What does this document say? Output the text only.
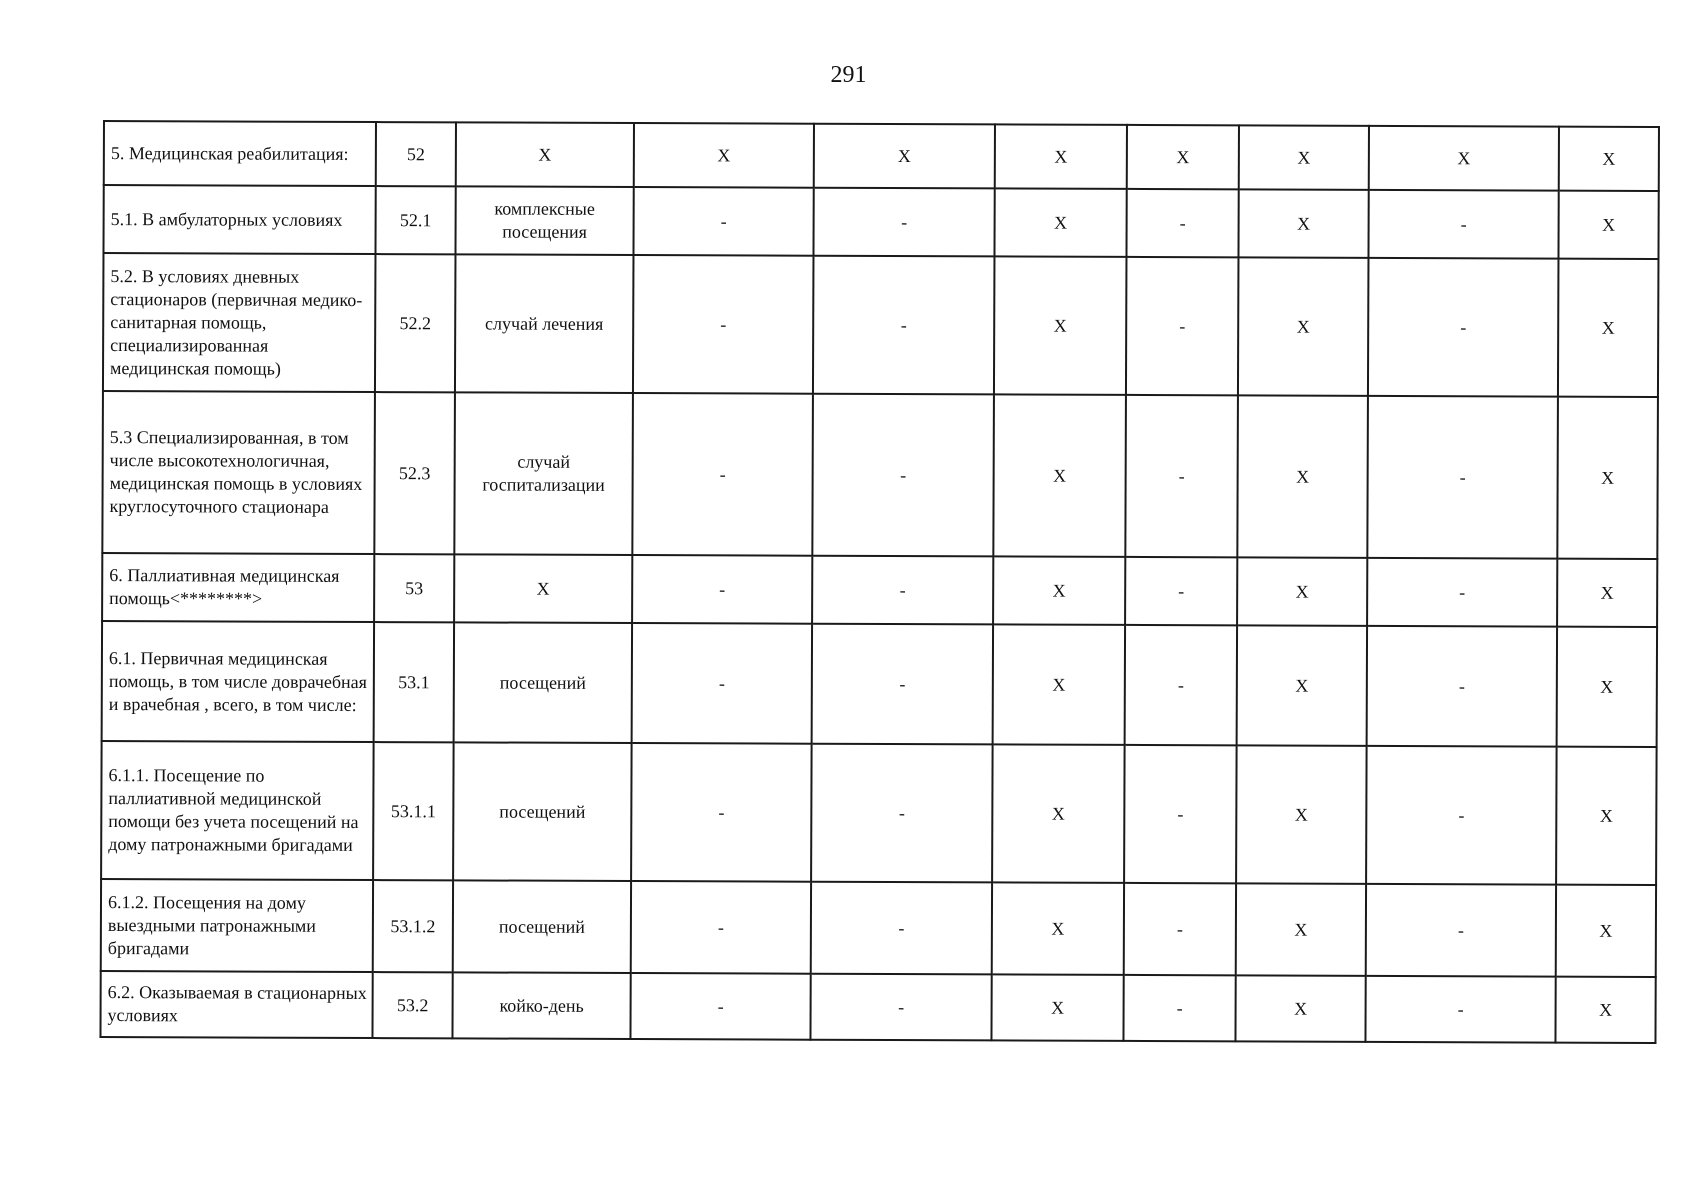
291
5. Медицинская реабилитация:	52	X	X	X	X	X	X	X	X
5.1. В амбулаторных условиях	52.1	комплексные посещения	-	-	X	-	X	-	X
5.2. В условиях дневных стационаров (первичная медико-санитарная помощь, специализированная медицинская помощь)	52.2	случай лечения	-	-	X	-	X	-	X
5.3 Специализированная, в том числе высокотехнологичная, медицинская помощь в условиях круглосуточного стационара	52.3	случай госпитализации	-	-	X	-	X	-	X
6. Паллиативная медицинская помощь<********>	53	X	-	-	X	-	X	-	X
6.1. Первичная медицинская помощь, в том числе доврачебная и врачебная , всего, в том числе:	53.1	посещений	-	-	X	-	X	-	X
6.1.1. Посещение по паллиативной медицинской помощи без учета посещений на дому патронажными бригадами	53.1.1	посещений	-	-	X	-	X	-	X
6.1.2. Посещения на дому выездными патронажными бригадами	53.1.2	посещений	-	-	X	-	X	-	X
6.2. Оказываемая в стационарных условиях	53.2	койко-день	-	-	X	-	X	-	X
